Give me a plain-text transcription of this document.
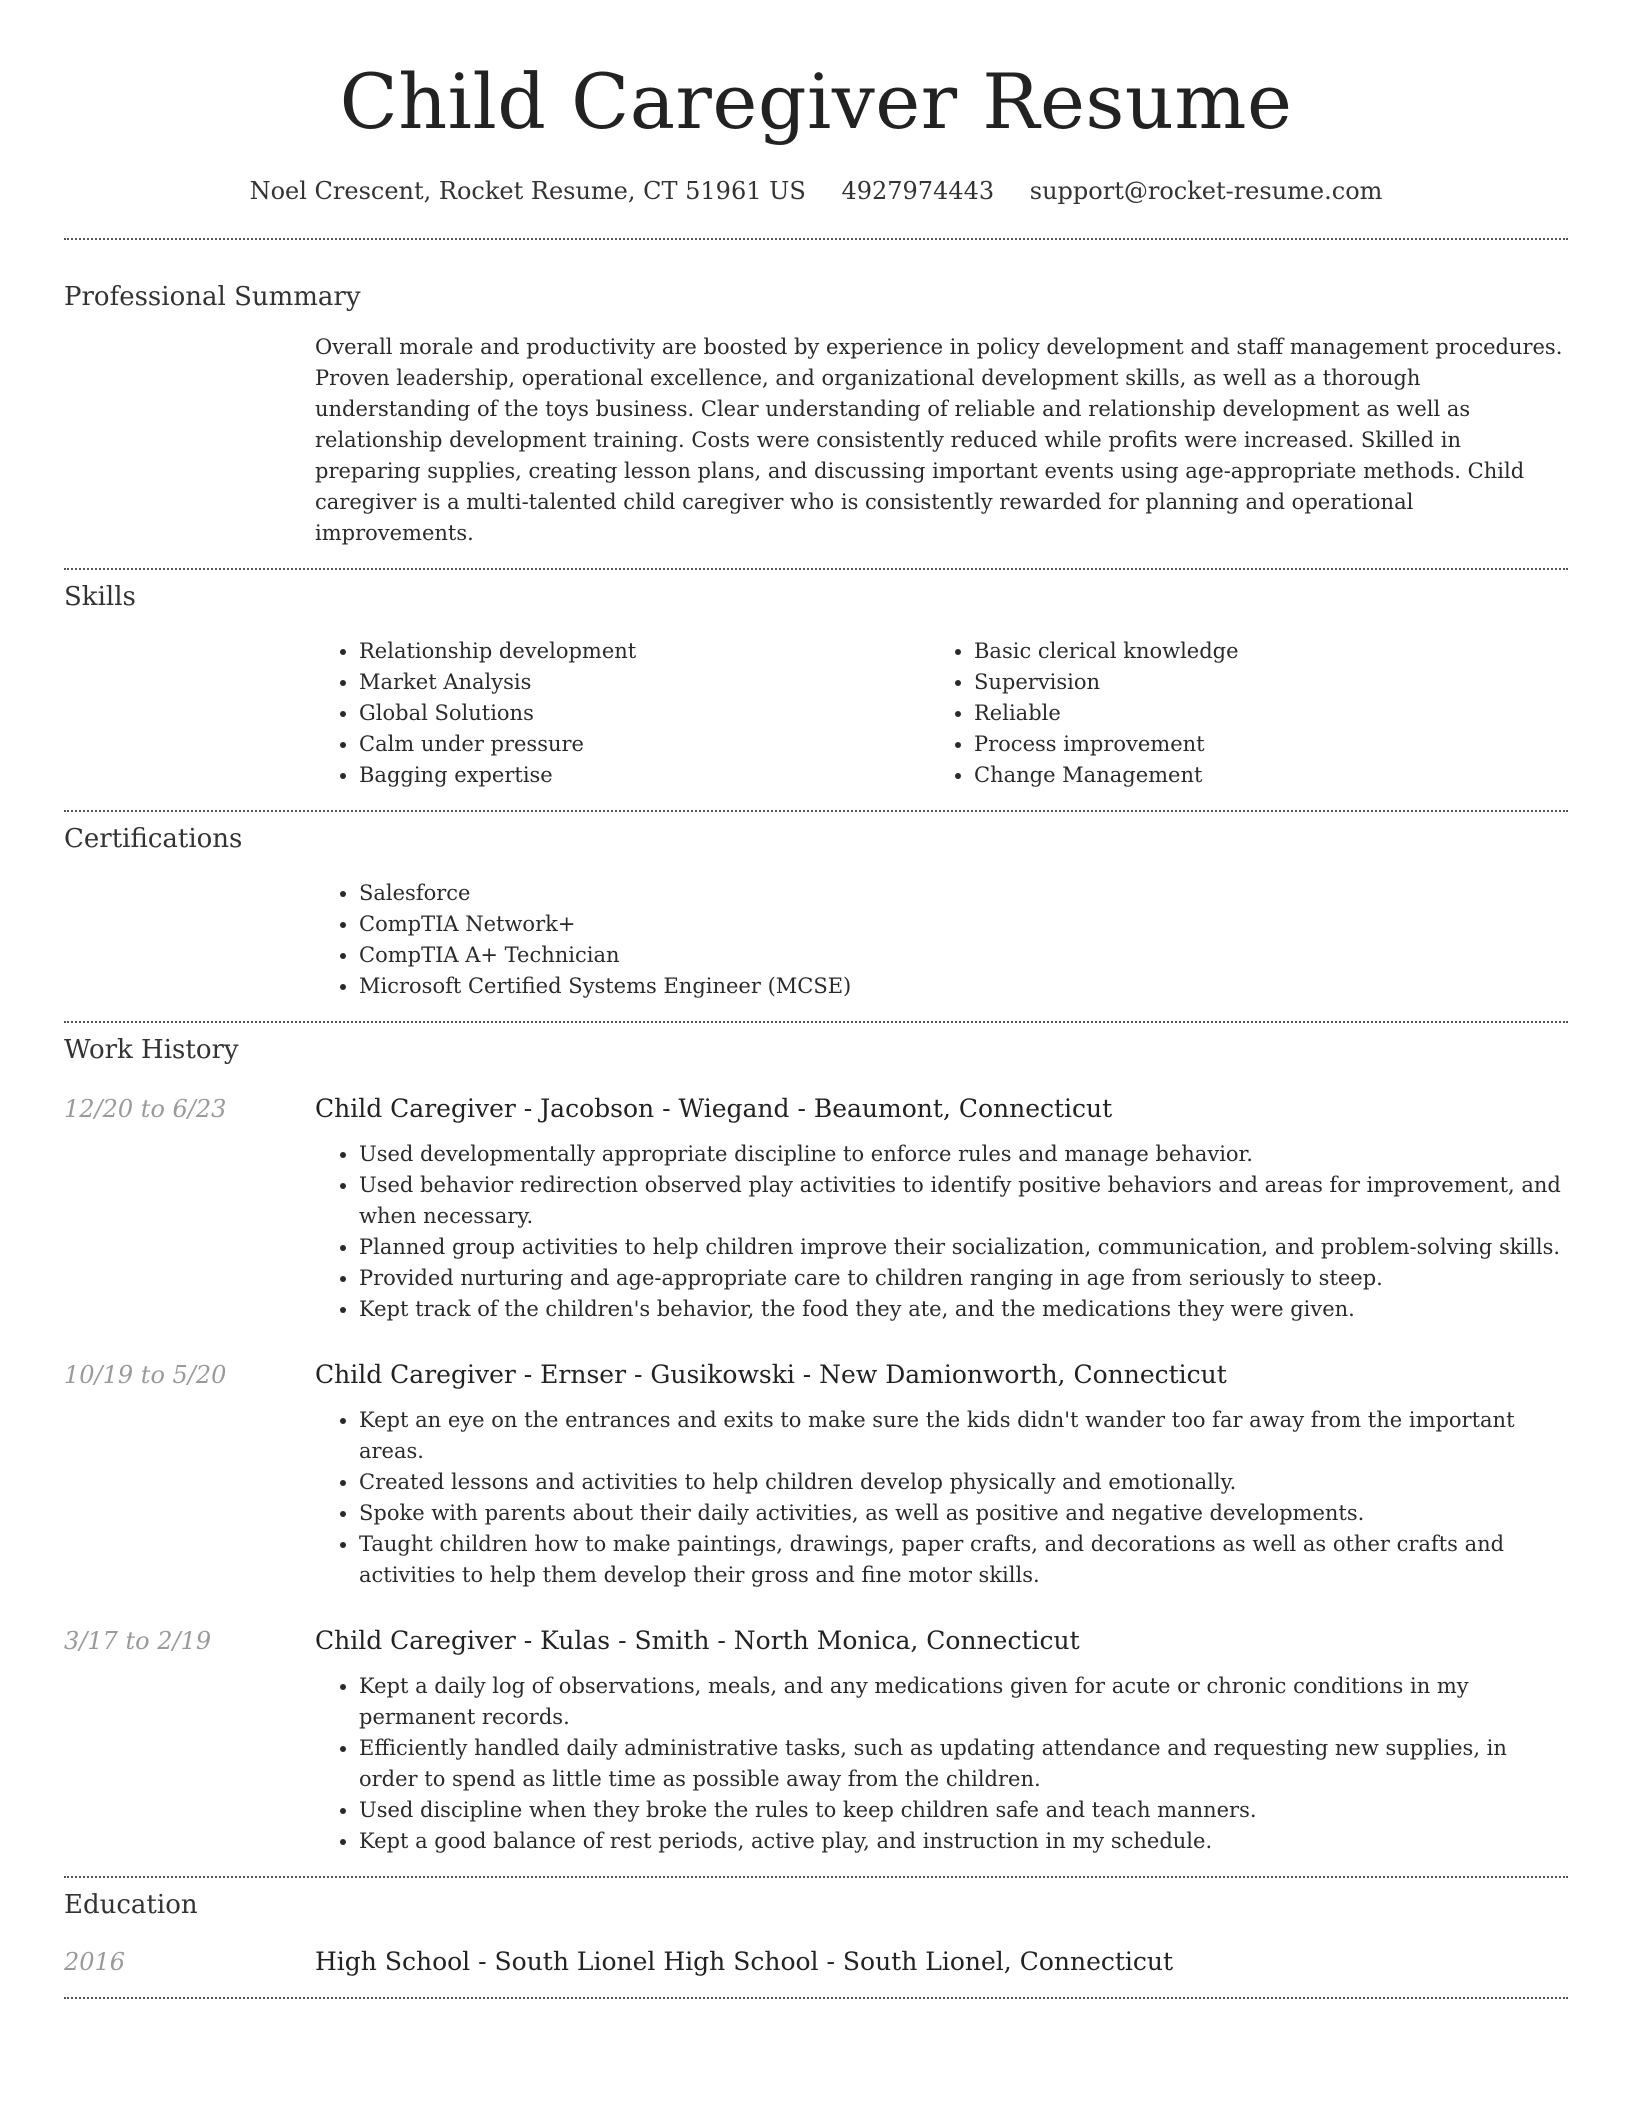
Child Caregiver Resume
Noel Crescent, Rocket Resume, CT 51961 US 4927974443 support@rocket-resume.com
Professional Summary

Overall morale and productivity are boosted by experience in policy development and staff management procedures. Proven leadership, operational excellence, and organizational development skills, as well as a thorough understanding of the toys business. Clear understanding of reliable and relationship development as well as relationship development training. Costs were consistently reduced while profits were increased. Skilled in preparing supplies, creating lesson plans, and discussing important events using age-appropriate methods. Child caregiver is a multi-talented child caregiver who is consistently rewarded for planning and operational improvements.

Skills
• Relationship development
• Market Analysis
• Global Solutions
• Calm under pressure
• Bagging expertise
• Basic clerical knowledge
• Supervision
• Reliable
• Process improvement
• Change Management
Certifications
• Salesforce
• CompTIA Network+
• CompTIA A+ Technician
• Microsoft Certified Systems Engineer (MCSE)
Work History
12/20 to 6/23	Child Caregiver - Jacobson - Wiegand - Beaumont, Connecticut
• Used developmentally appropriate discipline to enforce rules and manage behavior.
• Used behavior redirection observed play activities to identify positive behaviors and areas for improvement, and when necessary.
• Planned group activities to help children improve their socialization, communication, and problem-solving skills.
• Provided nurturing and age-appropriate care to children ranging in age from seriously to steep.
• Kept track of the children's behavior, the food they ate, and the medications they were given.
10/19 to 5/20	Child Caregiver - Ernser - Gusikowski - New Damionworth, Connecticut
• Kept an eye on the entrances and exits to make sure the kids didn't wander too far away from the important areas.
• Created lessons and activities to help children develop physically and emotionally.
• Spoke with parents about their daily activities, as well as positive and negative developments.
• Taught children how to make paintings, drawings, paper crafts, and decorations as well as other crafts and activities to help them develop their gross and fine motor skills.
3/17 to 2/19	Child Caregiver - Kulas - Smith - North Monica, Connecticut
• Kept a daily log of observations, meals, and any medications given for acute or chronic conditions in my permanent records.
• Efficiently handled daily administrative tasks, such as updating attendance and requesting new supplies, in order to spend as little time as possible away from the children.
• Used discipline when they broke the rules to keep children safe and teach manners.
• Kept a good balance of rest periods, active play, and instruction in my schedule.
Education
2016	High School - South Lionel High School - South Lionel, Connecticut
